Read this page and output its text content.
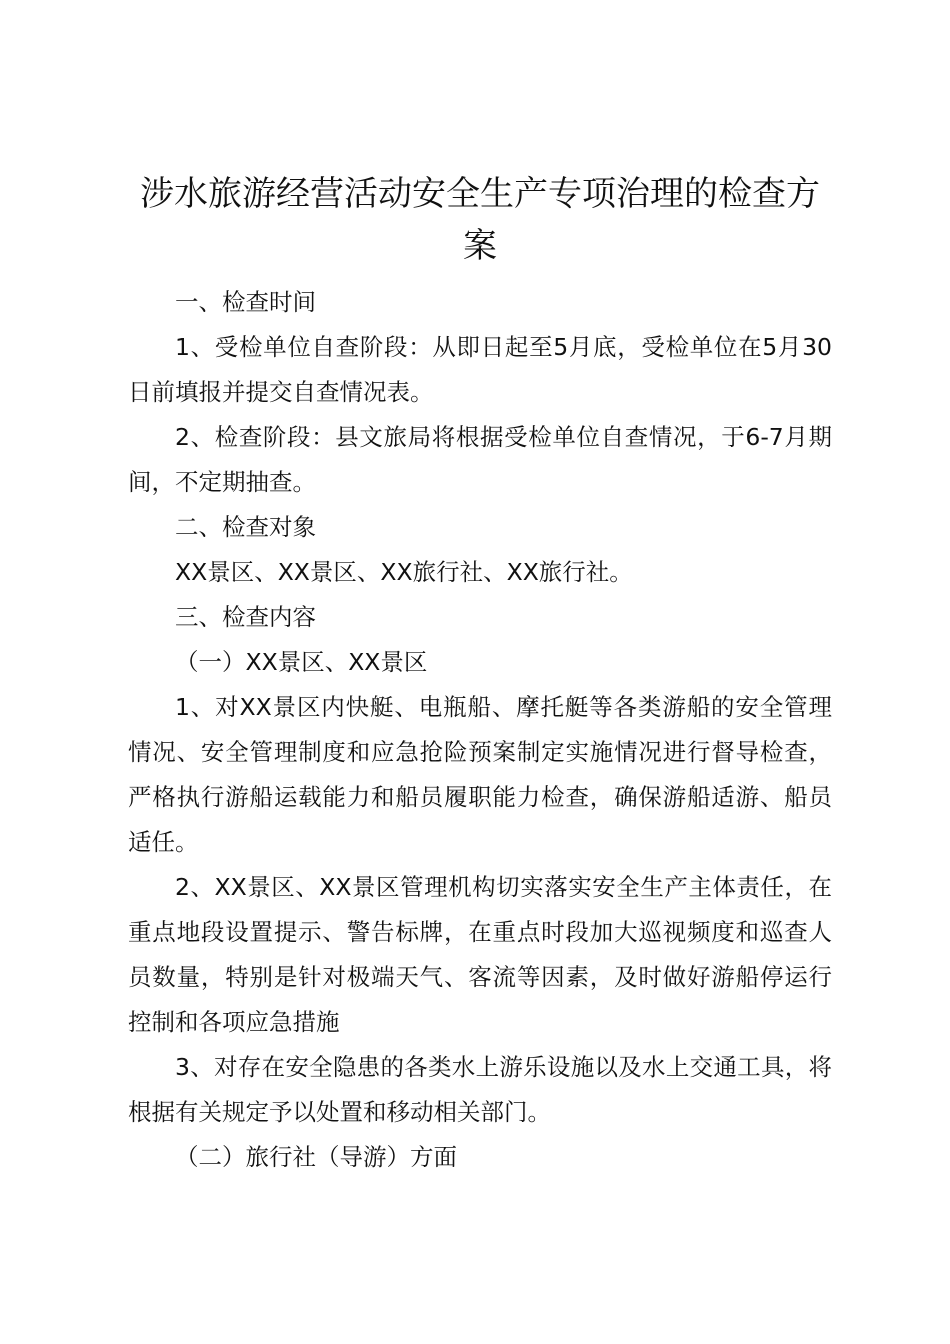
涉水旅游经营活动安全生产专项治理的检查方案

一、检查时间

1、受检单位自查阶段：从即日起至5月底，受检单位在5月30日前填报并提交自查情况表。

2、检查阶段：县文旅局将根据受检单位自查情况，于6-7月期间，不定期抽查。

二、检查对象

XX景区、XX景区、XX旅行社、XX旅行社。

三、检查内容

（一）XX景区、XX景区

1、对XX景区内快艇、电瓶船、摩托艇等各类游船的安全管理情况、安全管理制度和应急抢险预案制定实施情况进行督导检查，严格执行游船运载能力和船员履职能力检查，确保游船适游、船员适任。

2、XX景区、XX景区管理机构切实落实安全生产主体责任，在重点地段设置提示、警告标牌，在重点时段加大巡视频度和巡查人员数量，特别是针对极端天气、客流等因素，及时做好游船停运行控制和各项应急措施

3、对存在安全隐患的各类水上游乐设施以及水上交通工具，将根据有关规定予以处置和移动相关部门。

（二）旅行社（导游）方面
